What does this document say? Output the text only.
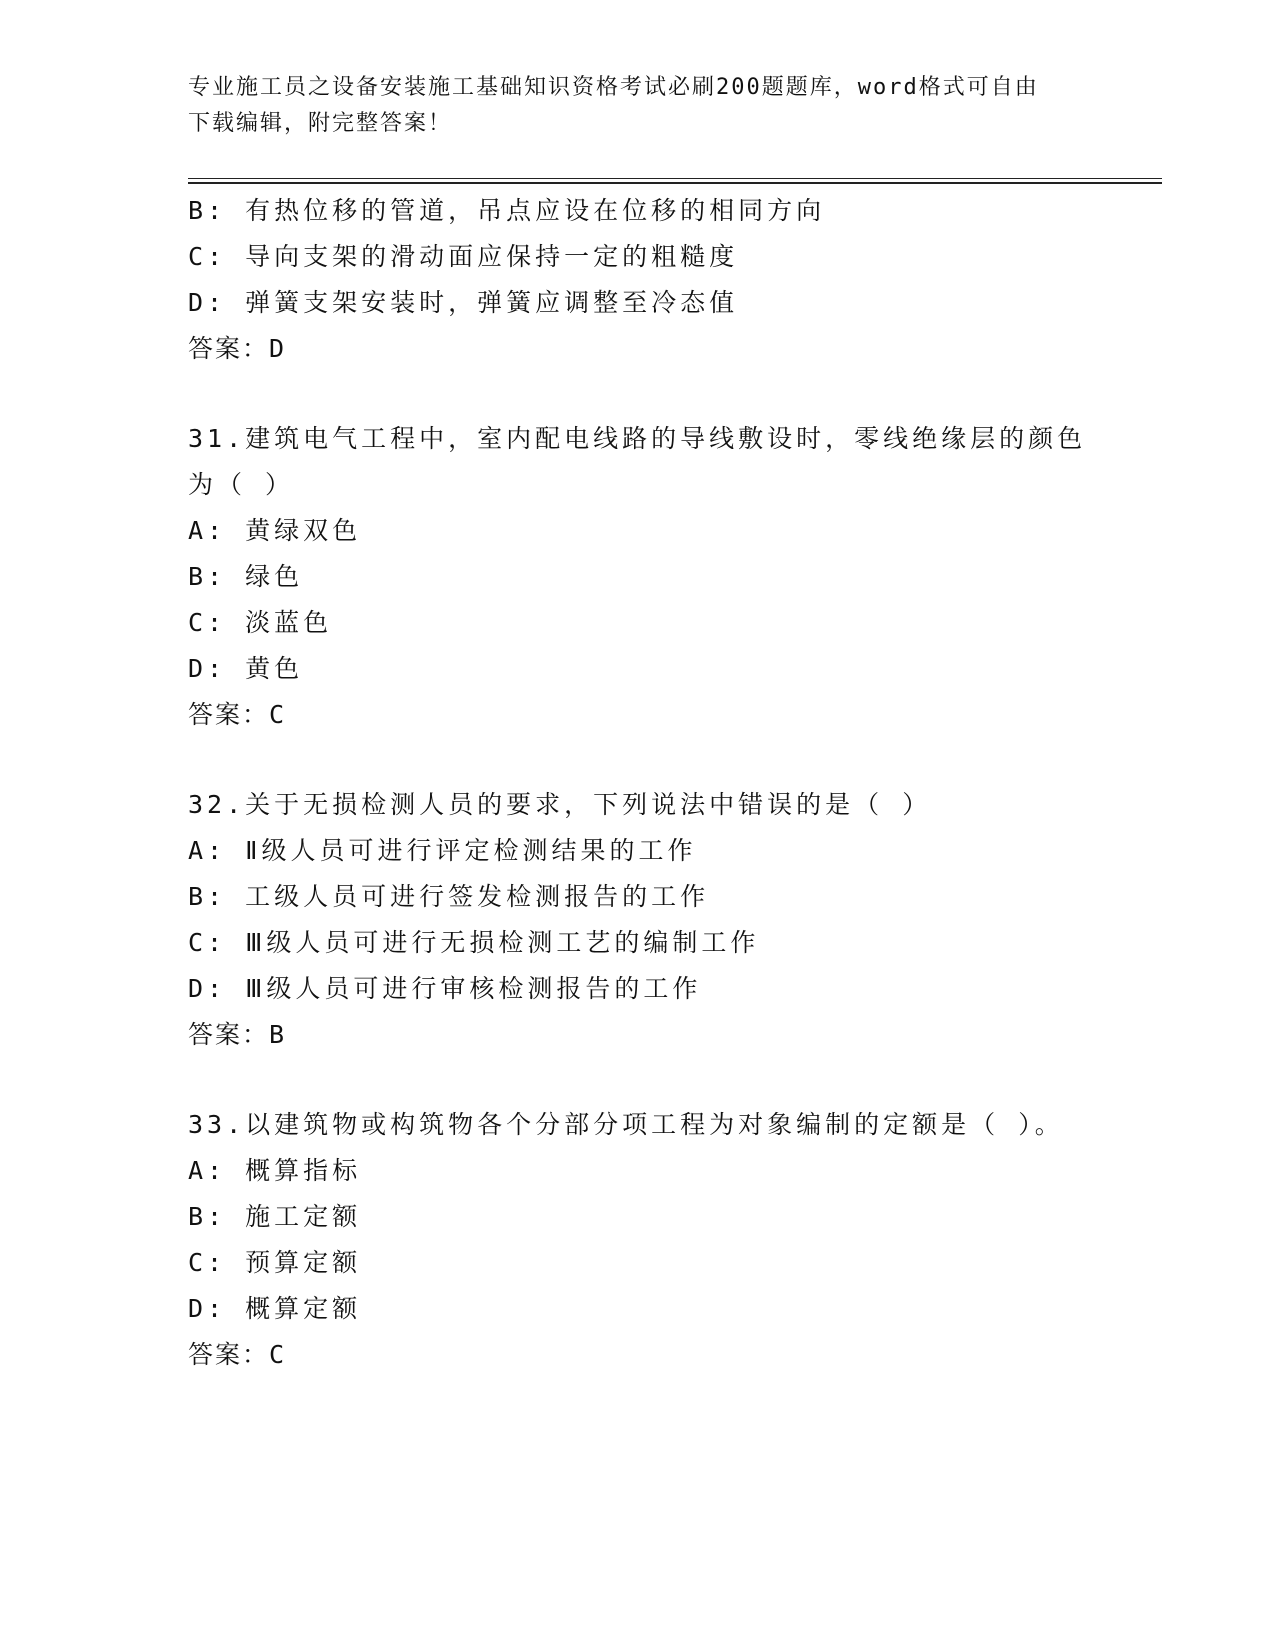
专业施工员之设备安装施工基础知识资格考试必刷200题题库，word格式可自由
下载编辑，附完整答案！
B: 有热位移的管道，吊点应设在位移的相同方向
C: 导向支架的滑动面应保持一定的粗糙度
D: 弹簧支架安装时，弹簧应调整至冷态值
答案：D
31.建筑电气工程中，室内配电线路的导线敷设时，零线绝缘层的颜色
为（ ）
A: 黄绿双色
B: 绿色
C: 淡蓝色
D: 黄色
答案：C
32.关于无损检测人员的要求，下列说法中错误的是（ ）
A: Ⅱ级人员可进行评定检测结果的工作
B: 工级人员可进行签发检测报告的工作
C: Ⅲ级人员可进行无损检测工艺的编制工作
D: Ⅲ级人员可进行审核检测报告的工作
答案：B
33.以建筑物或构筑物各个分部分项工程为对象编制的定额是（ ）。
A: 概算指标
B: 施工定额
C: 预算定额
D: 概算定额
答案：C
